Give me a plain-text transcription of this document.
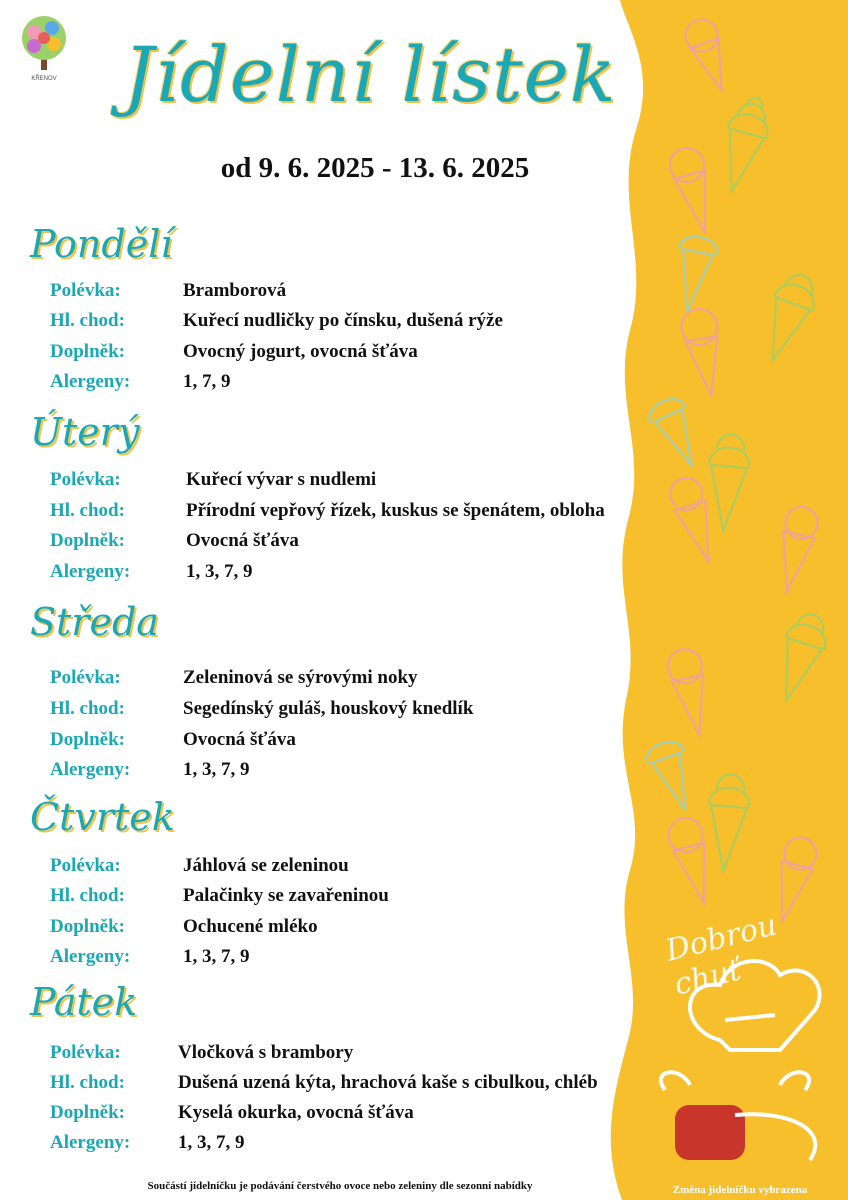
KŘENOV Jídelní lístek
od 9. 6. 2025 - 13. 6. 2025
Pondělí
Polévka:	Bramborová
Hl. chod:	Kuřecí nudličky po čínsku, dušená rýže
Doplněk:	Ovocný jogurt, ovocná šťáva
Alergeny:	1, 7, 9
Úterý
Polévka:	Kuřecí vývar s nudlemi
Hl. chod:	Přírodní vepřový řízek, kuskus se špenátem, obloha
Doplněk:	Ovocná šťáva
Alergeny:	1, 3, 7, 9
Středa
Polévka:	Zeleninová se sýrovými noky
Hl. chod:	Segedínský guláš, houskový knedlík
Doplněk:	Ovocná šťáva
Alergeny:	1, 3, 7, 9
Čtvrtek
Polévka:	Jáhlová se zeleninou
Hl. chod:	Palačinky se zavařeninou
Doplněk:	Ochucené mléko
Alergeny:	1, 3, 7, 9
Pátek
Polévka:	Vločková s brambory
Hl. chod:	Dušená uzená kýta, hrachová kaše s cibulkou, chléb
Doplněk:	Kyselá okurka, ovocná šťáva
Alergeny:	1, 3, 7, 9
Dobrou chuť
Součástí jídelníčku je podávání čerstvého ovoce nebo zeleniny dle sezonní nabídky	Změna jídelníčku vyhrazena
